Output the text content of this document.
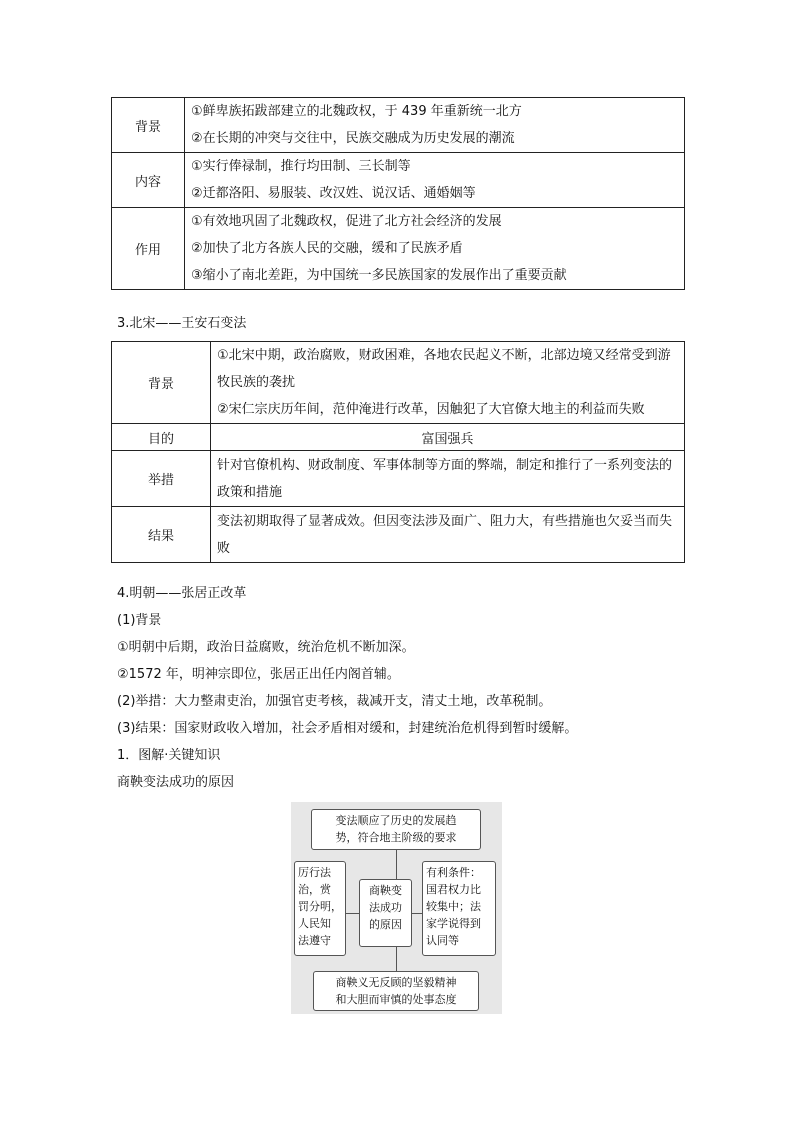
背景	①鲜卑族拓跋部建立的北魏政权，于 439 年重新统一北方
②在长期的冲突与交往中，民族交融成为历史发展的潮流

内容	①实行俸禄制，推行均田制、三长制等
②迁都洛阳、易服装、改汉姓、说汉话、通婚姻等

作用	①有效地巩固了北魏政权，促进了北方社会经济的发展
②加快了北方各族人民的交融，缓和了民族矛盾
③缩小了南北差距，为中国统一多民族国家的发展作出了重要贡献
3.北宋——王安石变法
背景	①北宋中期，政治腐败，财政困难，各地农民起义不断，北部边境又经常受到游牧民族的袭扰
②宋仁宗庆历年间，范仲淹进行改革，因触犯了大官僚大地主的利益而失败

目的	富国强兵
举措	针对官僚机构、财政制度、军事体制等方面的弊端，制定和推行了一系列变法的政策和措施

结果	变法初期取得了显著成效。但因变法涉及面广、阻力大，有些措施也欠妥当而失败
4.明朝——张居正改革
(1)背景
①明朝中后期，政治日益腐败，统治危机不断加深。
②1572 年，明神宗即位，张居正出任内阁首辅。
(2)举措：大力整肃吏治，加强官吏考核，裁减开支，清丈土地，改革税制。
(3)结果：国家财政收入增加，社会矛盾相对缓和，封建统治危机得到暂时缓解。
1．图解·关键知识
商鞅变法成功的原因
变法顺应了历史的发展趋
势，符合地主阶级的要求
厉行法
治，赏
罚分明，
人民知
法遵守
商鞅变
法成功
的原因
有利条件：
国君权力比
较集中；法
家学说得到
认同等
商鞅义无反顾的坚毅精神
和大胆而审慎的处事态度
